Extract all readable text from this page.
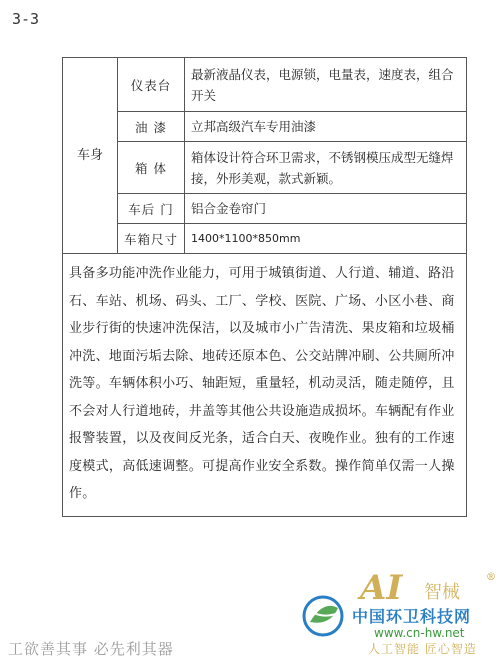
3-3
车身	仪表台	最新液晶仪表，电源锁，电量表，速度表，组合开关
	油 漆	立邦高级汽车专用油漆
	箱 体	箱体设计符合环卫需求，不锈钢模压成型无缝焊接，外形美观，款式新颖。
	车后 门	铝合金卷帘门
	车箱尺寸	1400*1100*850mm
具备多功能冲洗作业能力，可用于城镇街道、人行道、辅道、路沿石、车站、机场、码头、工厂、学校、医院、广场、小区小巷、商业步行街的快速冲洗保洁，以及城市小广告清洗、果皮箱和垃圾桶冲洗、地面污垢去除、地砖还原本色、公交站牌冲刷、公共厕所冲洗等。车辆体积小巧、轴距短，重量轻，机动灵活，随走随停，且不会对人行道地砖，井盖等其他公共设施造成损坏。车辆配有作业报警装置，以及夜间反光条，适合白天、夜晚作业。独有的工作速度模式，高低速调整。可提高作业安全系数。操作简单仅需一人操作。		
工欲善其事 必先利其器
AI 智械
®
中国环卫科技网
www.cn-hw.net
人工智能 匠心智造
